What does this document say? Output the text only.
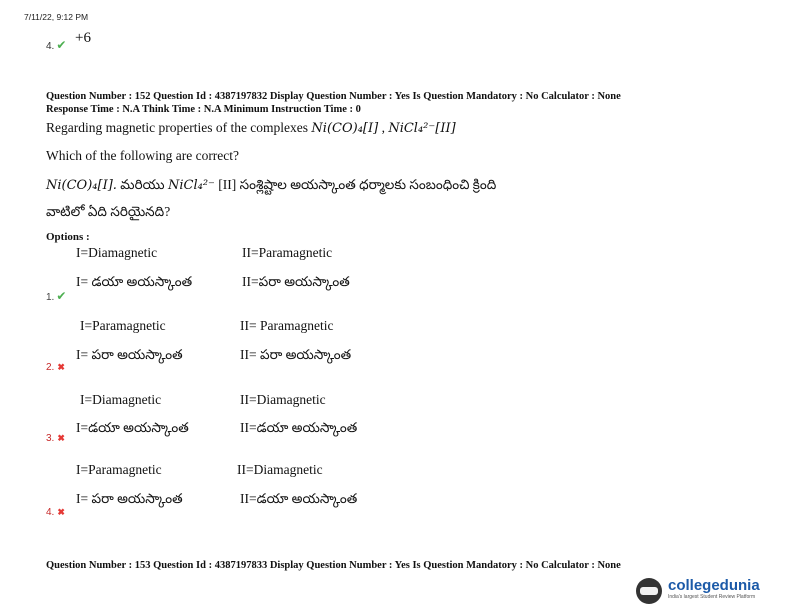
7/11/22, 9:12 PM
4. ✔ +6
Question Number : 152 Question Id : 4387197832 Display Question Number : Yes Is Question Mandatory : No Calculator : None
Response Time : N.A Think Time : N.A Minimum Instruction Time : 0
Regarding magnetic properties of the complexes Ni(CO)₄[I] , NiCl₄²⁻[II]
Which of the following are correct?
Ni(CO)₄[I]. మరియు NiCl₄²⁻ [II] సంశ్లిష్టాల అయస్కాంత ధర్మాలకు సంబంధించి క్రింది
వాటిలో ఏది సరియైనది?
Options :
I=Diamagnetic	II=Paramagnetic
I= డయా అయస్కాంత	II=పరా అయస్కాంత
1. ✔
I=Paramagnetic	II= Paramagnetic
I= పరా అయస్కాంత	II= పరా అయస్కాంత
2. ✖
I=Diamagnetic	II=Diamagnetic
I=డయా అయస్కాంత	II=డయా అయస్కాంత
3. ✖
I=Paramagnetic	II=Diamagnetic
I= పరా అయస్కాంత	II=డయా అయస్కాంత
4. ✖
Question Number : 153 Question Id : 4387197833 Display Question Number : Yes Is Question Mandatory : No Calculator : None
collegedunia
India's largest Student Review Platform
